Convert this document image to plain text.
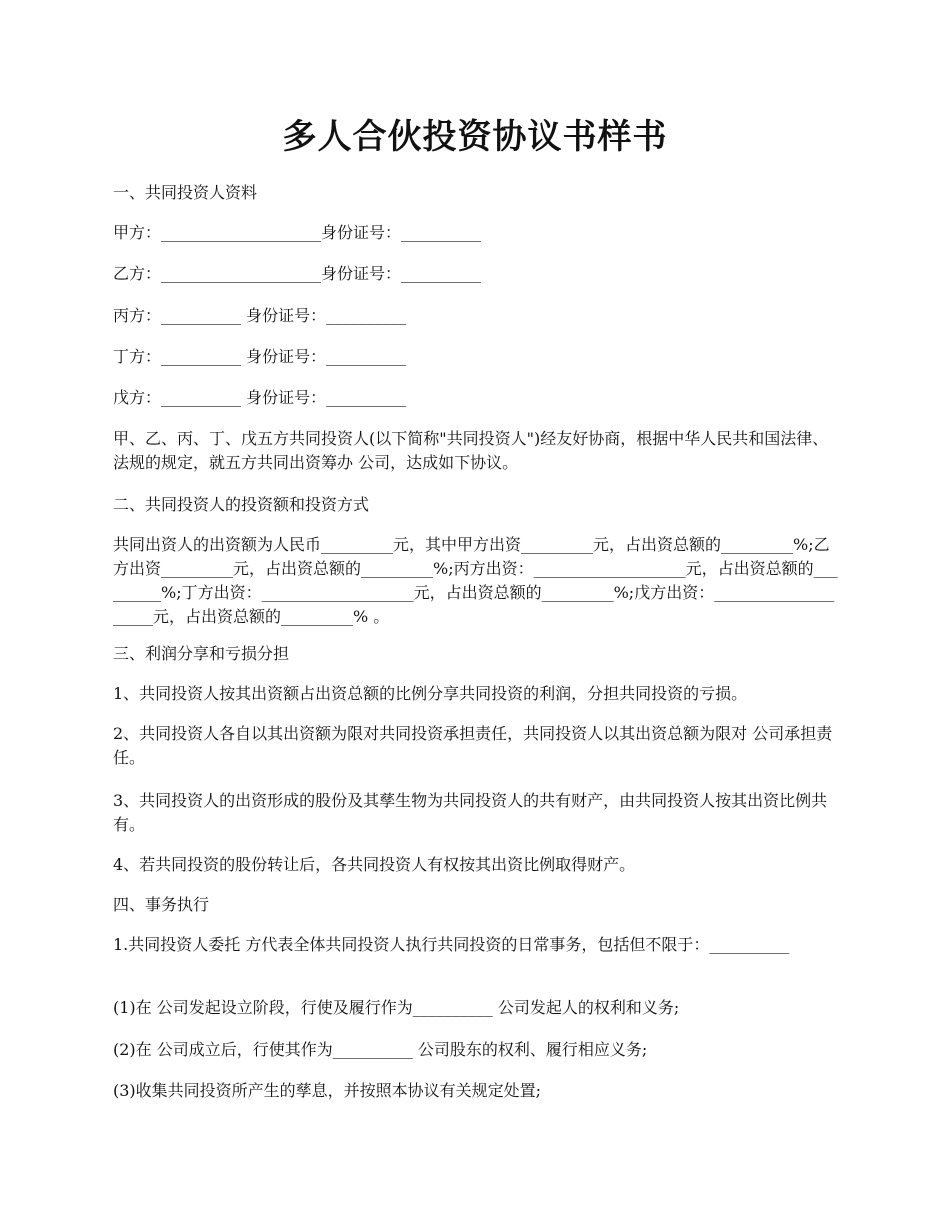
多人合伙投资协议书样书
一、共同投资人资料
甲方：____________________身份证号：__________
乙方：____________________身份证号：__________
丙方：__________ 身份证号：__________
丁方：__________ 身份证号：__________
戊方：__________ 身份证号：__________
甲、乙、丙、丁、戊五方共同投资人(以下简称"共同投资人")经友好协商，根据中华人民共和国法律、法规的规定，就五方共同出资筹办 公司，达成如下协议。
二、共同投资人的投资额和投资方式
共同出资人的出资额为人民币_________元，其中甲方出资_________元，占出资总额的_________%;乙方出资_________元，占出资总额的_________%;丙方出资：___________________元，占出资总额的_________%;丁方出资：___________________元，占出资总额的_________%;戊方出资：____________________元，占出资总额的_________% 。
三、利润分享和亏损分担
1、共同投资人按其出资额占出资总额的比例分享共同投资的利润，分担共同投资的亏损。
2、共同投资人各自以其出资额为限对共同投资承担责任，共同投资人以其出资总额为限对 公司承担责任。
3、共同投资人的出资形成的股份及其孳生物为共同投资人的共有财产，由共同投资人按其出资比例共有。
4、若共同投资的股份转让后，各共同投资人有权按其出资比例取得财产。
四、事务执行
1.共同投资人委托 方代表全体共同投资人执行共同投资的日常事务，包括但不限于：__________
(1)在 公司发起设立阶段，行使及履行作为__________ 公司发起人的权利和义务;
(2)在 公司成立后，行使其作为__________ 公司股东的权利、履行相应义务;
(3)收集共同投资所产生的孳息，并按照本协议有关规定处置;
